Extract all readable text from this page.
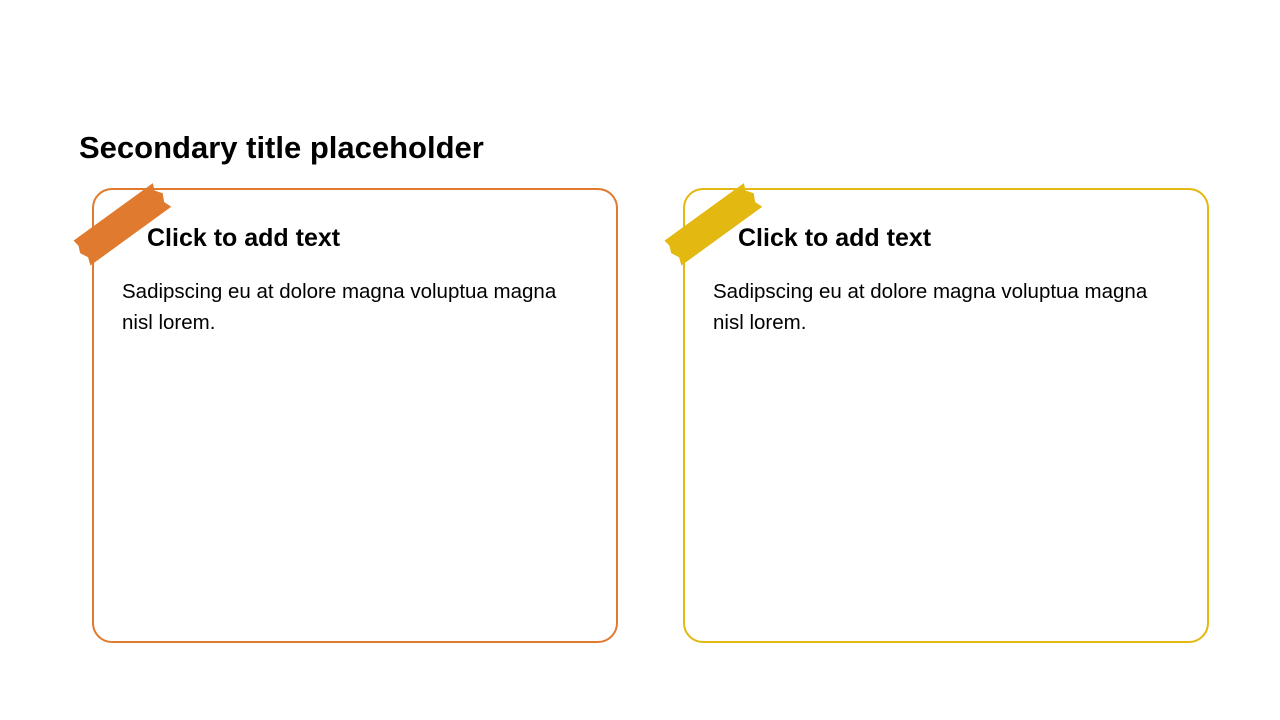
Secondary title placeholder
Click to add text

Sadipscing eu at dolore magna voluptua magna nisl lorem.

Click to add text

Sadipscing eu at dolore magna voluptua magna nisl lorem.
